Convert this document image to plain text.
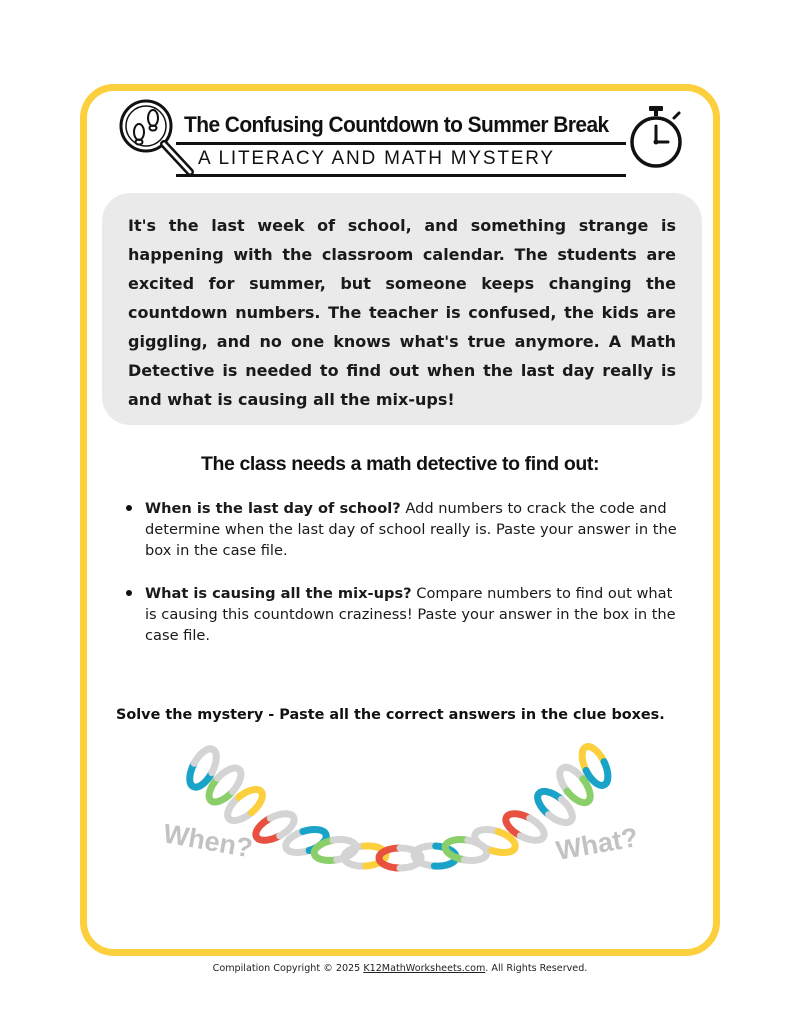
The Confusing Countdown to Summer Break
A LITERACY AND MATH MYSTERY

It's the last week of school, and something strange is happening with the classroom calendar. The students are excited for summer, but someone keeps changing the countdown numbers. The teacher is confused, the kids are giggling, and no one knows what's true anymore. A Math Detective is needed to find out when the last day really is and what is causing all the mix-ups!

The class needs a math detective to find out:

When is the last day of school? Add numbers to crack the code and determine when the last day of school really is. Paste your answer in the box in the case file.

What is causing all the mix-ups? Compare numbers to find out what is causing this countdown craziness! Paste your answer in the box in the case file.

Solve the mystery - Paste all the correct answers in the clue boxes.
When?	What?
Compilation Copyright © 2025 K12MathWorksheets.com. All Rights Reserved.
